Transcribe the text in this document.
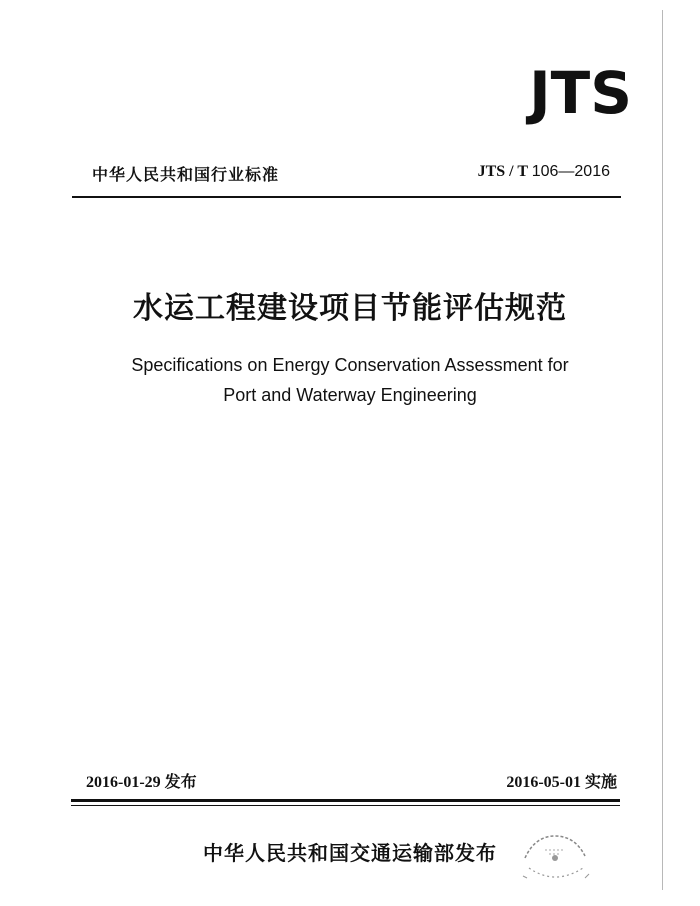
JTS
中华人民共和国行业标准	JTS / T 106—2016
水运工程建设项目节能评估规范
Specifications on Energy Conservation Assessment for
Port and Waterway Engineering
2016-01-29 发布	2016-05-01 实施
中华人民共和国交通运输部发布
